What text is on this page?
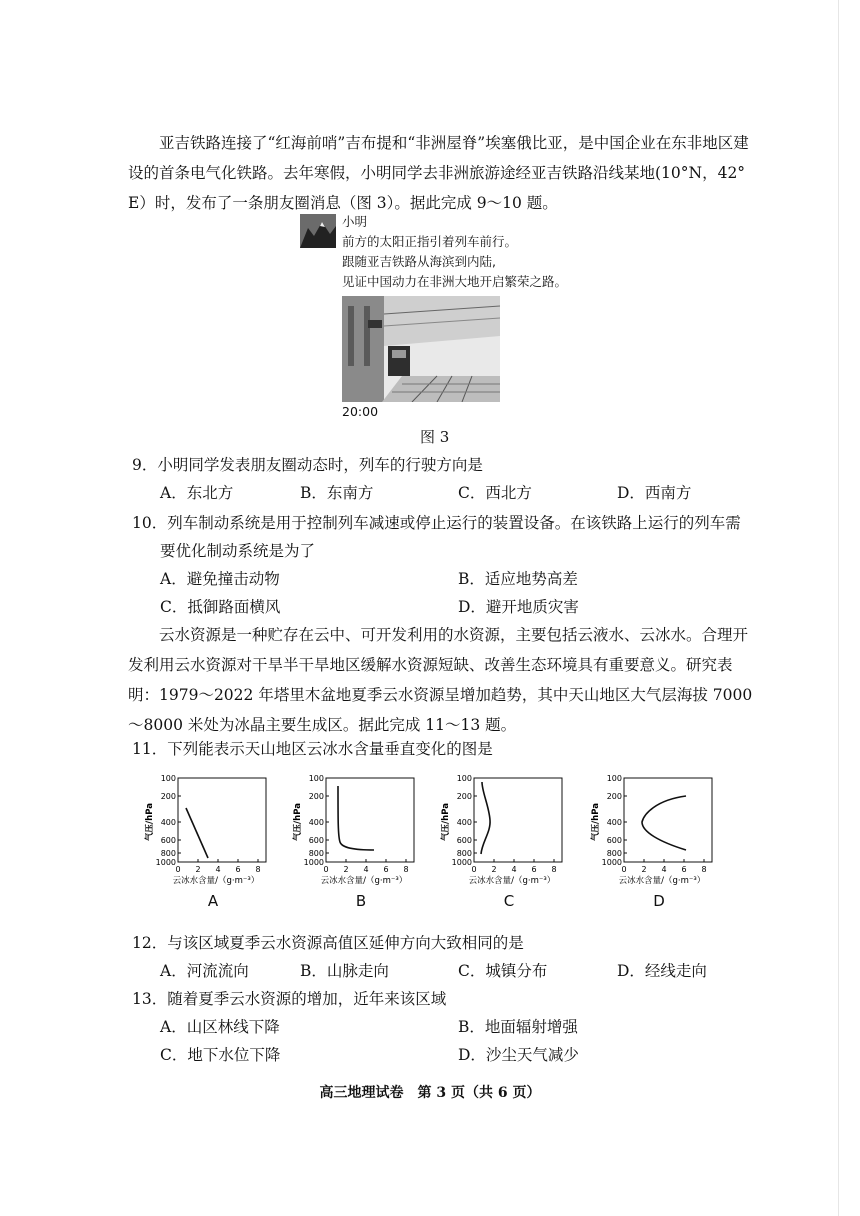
亚吉铁路连接了“红海前哨”吉布提和“非洲屋脊”埃塞俄比亚，是中国企业在东非地区建设的首条电气化铁路。去年寒假，小明同学去非洲旅游途经亚吉铁路沿线某地(10°N，42° E）时，发布了一条朋友圈消息（图 3）。据此完成 9～10 题。
小明
前方的太阳正指引着列车前行。
跟随亚吉铁路从海滨到内陆,
见证中国动力在非洲大地开启繁荣之路。
20:00
图 3
9．小明同学发表朋友圈动态时，列车的行驶方向是
A．东北方	B．东南方	C．西北方	D．西南方
10．列车制动系统是用于控制列车减速或停止运行的装置设备。在该铁路上运行的列车需
要优化制动系统是为了
A．避免撞击动物	B．适应地势高差
C．抵御路面横风	D．避开地质灾害
云水资源是一种贮存在云中、可开发利用的水资源，主要包括云液水、云冰水。合理开发利用云水资源对干旱半干旱地区缓解水资源短缺、改善生态环境具有重要意义。研究表明：1979～2022 年塔里木盆地夏季云水资源呈增加趋势，其中天山地区大气层海拔 7000～8000 米处为冰晶主要生成区。据此完成 11～13 题。
11．下列能表示天山地区云冰水含量垂直变化的图是
100
200
400
600
800
1000
0 2 4 6 8
气压/hPa
云冰水含量/（g·m⁻³）
A
100
200
400
600
800
1000
0 2 4 6 8
气压/hPa
云冰水含量/（g·m⁻³）
B
100
200
400
600
800
1000
0 2 4 6 8
气压/hPa
云冰水含量/（g·m⁻³）
C
100
200
400
600
800
1000
0 2 4 6 8
气压/hPa
云冰水含量/（g·m⁻³）
D
12．与该区域夏季云水资源高值区延伸方向大致相同的是
A．河流流向	B．山脉走向	C．城镇分布	D．经线走向
13．随着夏季云水资源的增加，近年来该区域
A．山区林线下降	B．地面辐射增强
C．地下水位下降	D．沙尘天气减少
高三地理试卷　第 3 页（共 6 页）
